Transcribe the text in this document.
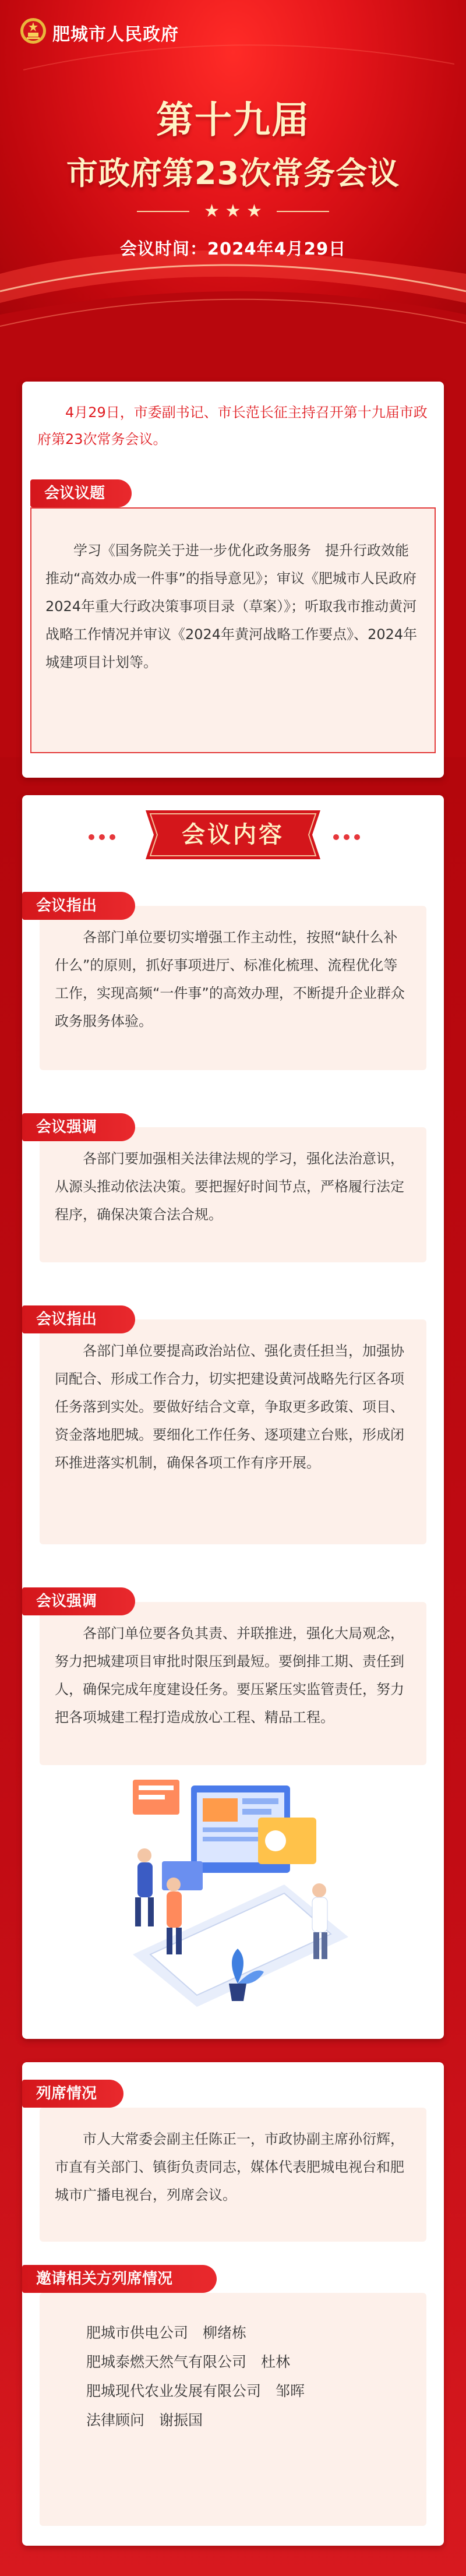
肥城市人民政府
第十九届
市政府第23次常务会议
★ ★ ★
会议时间：2024年4月29日
4月29日，市委副书记、市长范长征主持召开第十九届市政府第23次常务会议。
学习《国务院关于进一步优化政务服务　提升行政效能　推动“高效办成一件事”的指导意见》；审议《肥城市人民政府2024年重大行政决策事项目录（草案）》；听取我市推动黄河战略工作情况并审议《2024年黄河战略工作要点》、2024年城建项目计划等。
会议议题
会议内容
各部门单位要切实增强工作主动性，按照“缺什么补什么”的原则，抓好事项进厅、标准化梳理、流程优化等工作，实现高频“一件事”的高效办理，不断提升企业群众政务服务体验。
会议指出
各部门要加强相关法律法规的学习，强化法治意识，从源头推动依法决策。要把握好时间节点，严格履行法定程序，确保决策合法合规。
会议强调
各部门单位要提高政治站位、强化责任担当，加强协同配合、形成工作合力，切实把建设黄河战略先行区各项任务落到实处。要做好结合文章，争取更多政策、项目、资金落地肥城。要细化工作任务、逐项建立台账，形成闭环推进落实机制，确保各项工作有序开展。
会议指出
各部门单位要各负其责、并联推进，强化大局观念，努力把城建项目审批时限压到最短。要倒排工期、责任到人，确保完成年度建设任务。要压紧压实监管责任，努力把各项城建工程打造成放心工程、精品工程。
会议强调
市人大常委会副主任陈正一，市政协副主席孙衍辉，市直有关部门、镇街负责同志，媒体代表肥城电视台和肥城市广播电视台，列席会议。
列席情况
邀请相关方列席情况
肥城市供电公司　柳绪栋
肥城泰燃天然气有限公司　杜林
肥城现代农业发展有限公司　邹晖
法律顾问　谢振国
